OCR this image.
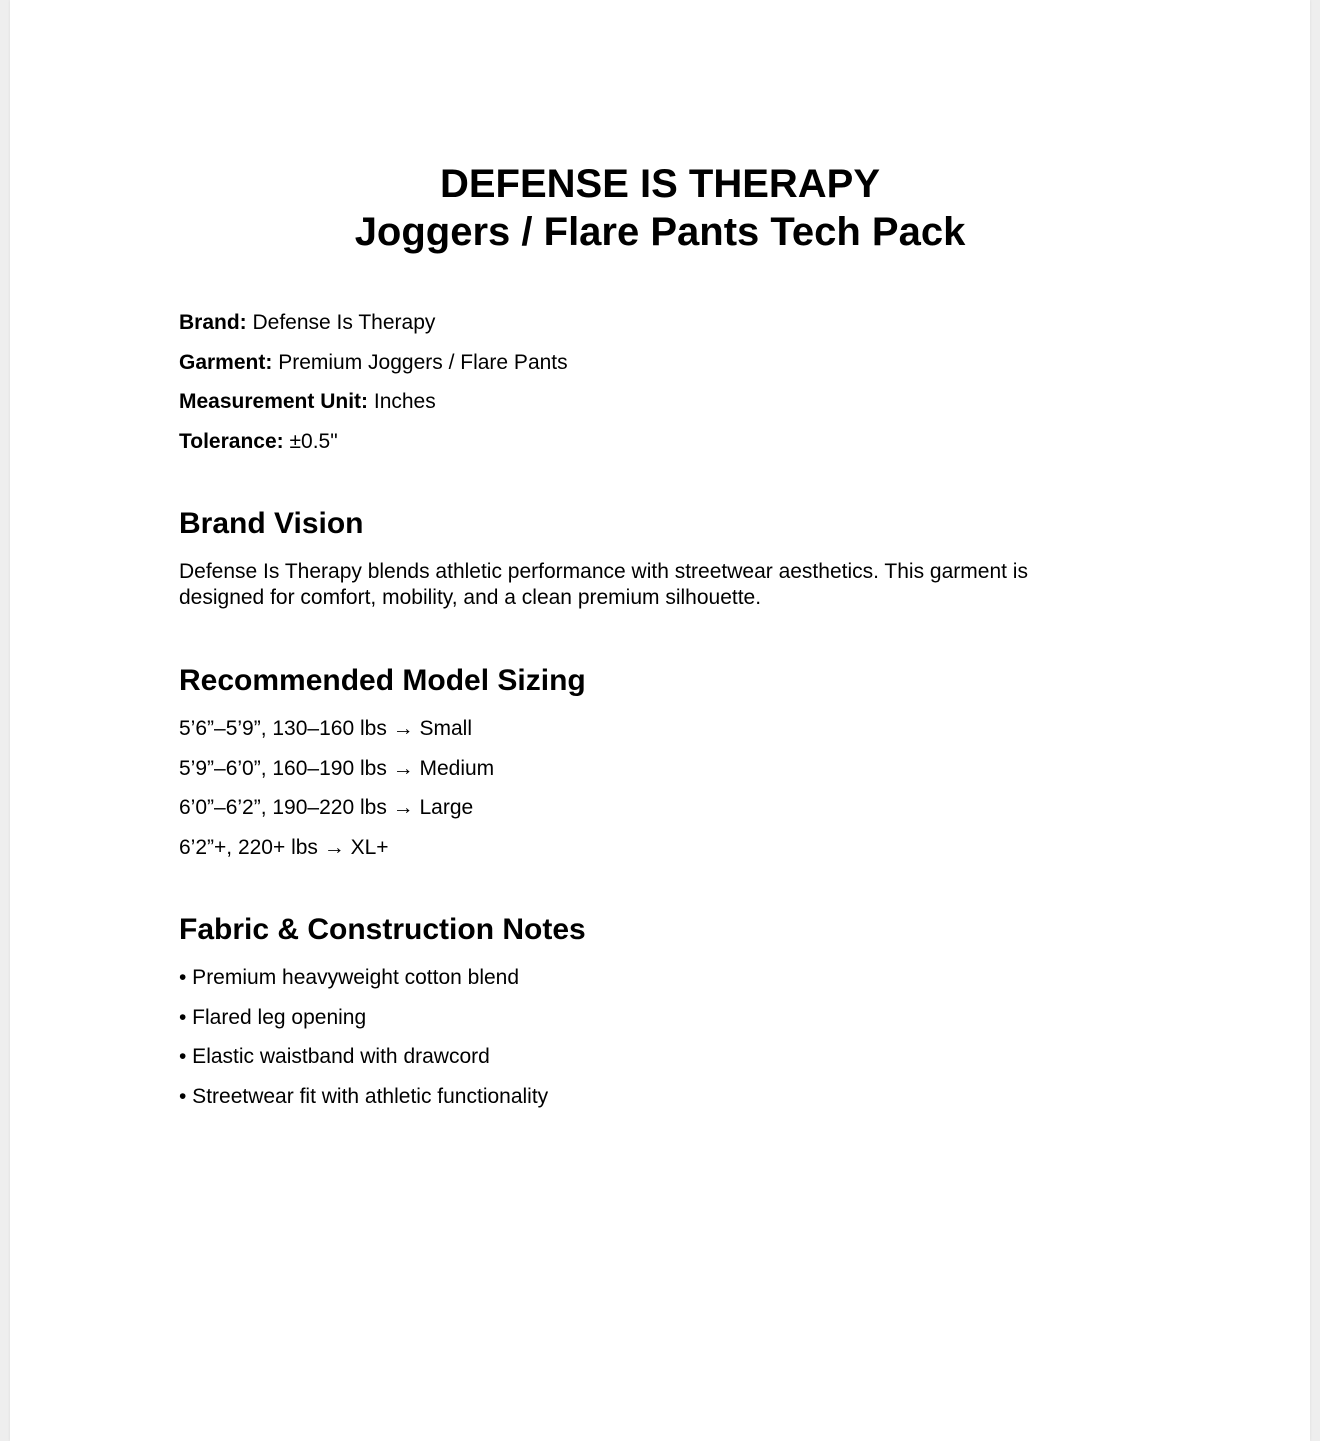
DEFENSE IS THERAPY
Joggers / Flare Pants Tech Pack
Brand: Defense Is Therapy
Garment: Premium Joggers / Flare Pants
Measurement Unit: Inches
Tolerance: ±0.5"
Brand Vision
Defense Is Therapy blends athletic performance with streetwear aesthetics. This garment is designed for comfort, mobility, and a clean premium silhouette.
Recommended Model Sizing
5’6”–5’9”, 130–160 lbs → Small
5’9”–6’0”, 160–190 lbs → Medium
6’0”–6’2”, 190–220 lbs → Large
6’2”+, 220+ lbs → XL+
Fabric & Construction Notes
• Premium heavyweight cotton blend
• Flared leg opening
• Elastic waistband with drawcord
• Streetwear fit with athletic functionality
